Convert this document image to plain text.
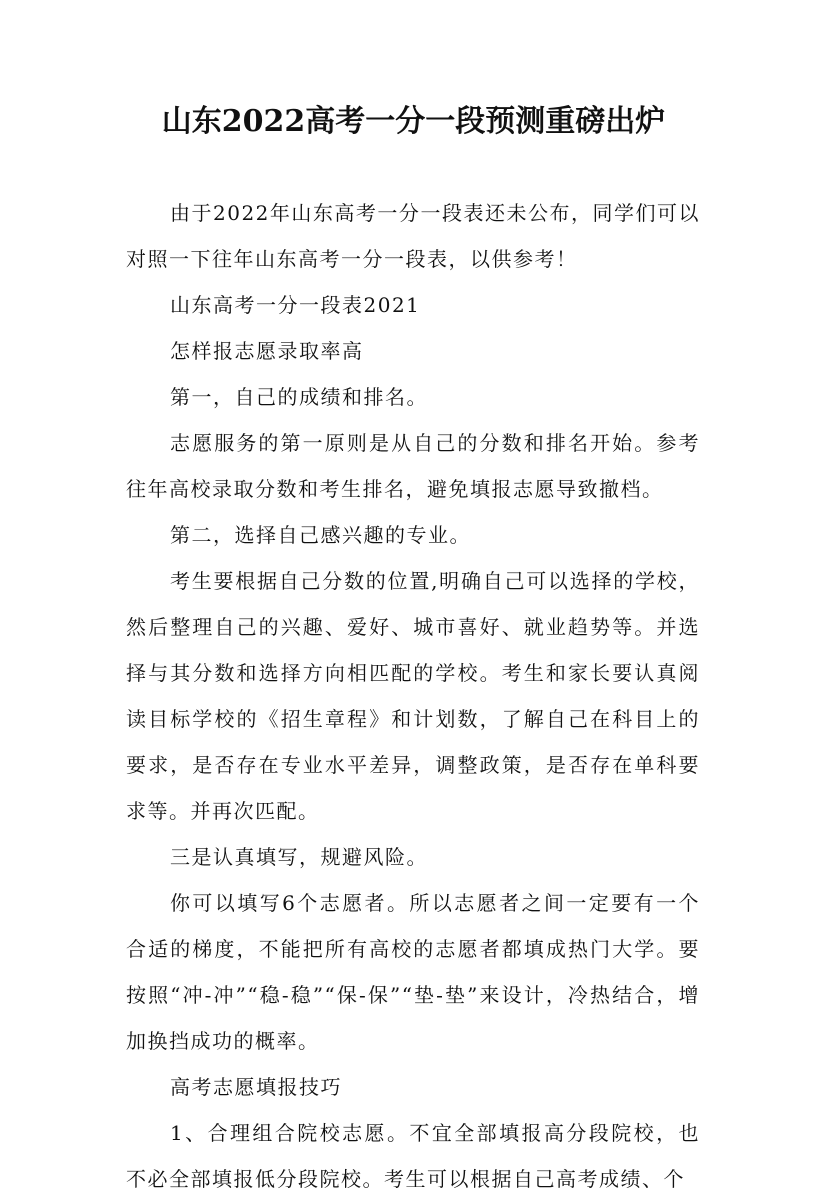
山东2022高考一分一段预测重磅出炉

由于2022年山东高考一分一段表还未公布，同学们可以对照一下往年山东高考一分一段表，以供参考！

山东高考一分一段表2021

怎样报志愿录取率高

第一，自己的成绩和排名。

志愿服务的第一原则是从自己的分数和排名开始。参考往年高校录取分数和考生排名，避免填报志愿导致撤档。

第二，选择自己感兴趣的专业。

考生要根据自己分数的位置,明确自己可以选择的学校，然后整理自己的兴趣、爱好、城市喜好、就业趋势等。并选择与其分数和选择方向相匹配的学校。考生和家长要认真阅读目标学校的《招生章程》和计划数，了解自己在科目上的要求，是否存在专业水平差异，调整政策，是否存在单科要求等。并再次匹配。

三是认真填写，规避风险。

你可以填写6个志愿者。所以志愿者之间一定要有一个合适的梯度，不能把所有高校的志愿者都填成热门大学。要按照“冲-冲”“稳-稳”“保-保”“垫-垫”来设计，冷热结合，增加换挡成功的概率。

高考志愿填报技巧

1、合理组合院校志愿。不宜全部填报高分段院校，也不必全部填报低分段院校。考生可以根据自己高考成绩、个
